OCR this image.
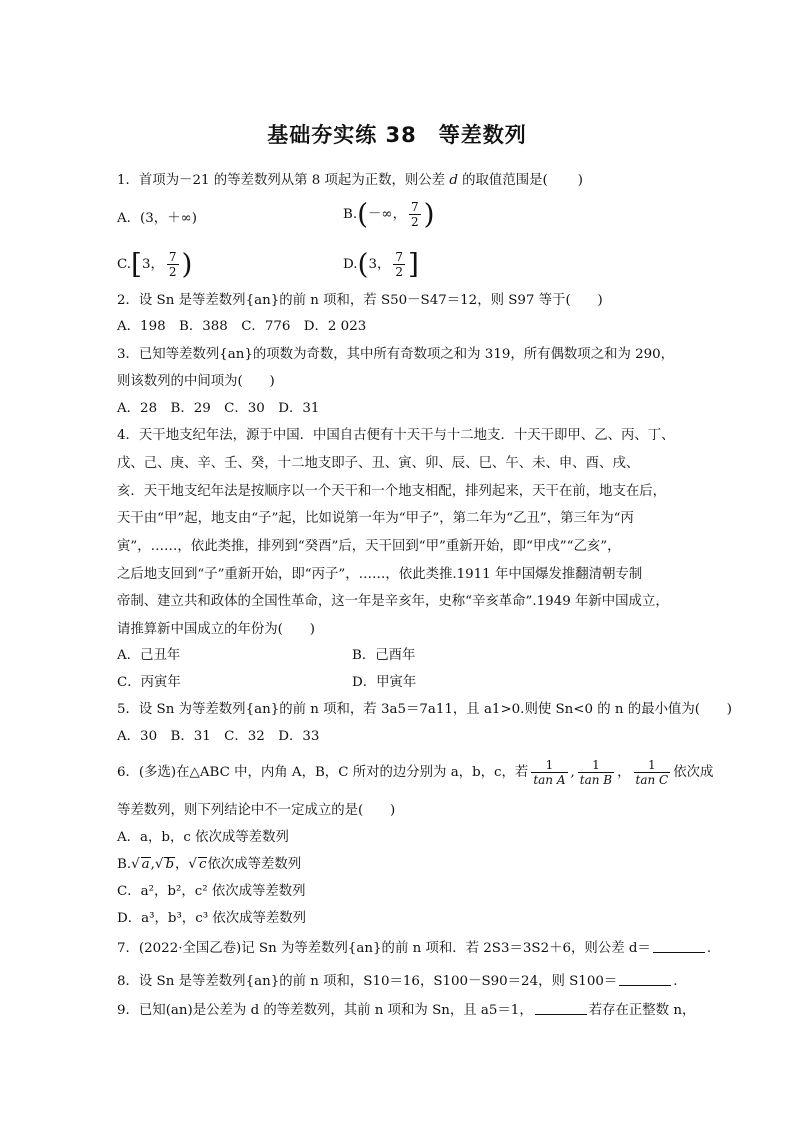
基础夯实练 38　等差数列
1．首项为－21 的等差数列从第 8 项起为正数，则公差 d 的取值范围是( )
A．(3，＋∞)	B.(－∞， $\frac{7}{2}$ )
C.[3， $\frac{7}{2}$ )	D.(3， $\frac{7}{2}$ ]
2．设 Sn 是等差数列{an}的前 n 项和，若 S50－S47＝12，则 S97 等于(　　)
A．198　B．388　C．776　D．2 023
3．已知等差数列{an}的项数为奇数，其中所有奇数项之和为 319，所有偶数项之和为 290，
则该数列的中间项为(　　)
A．28　B．29　C．30　D．31
4．天干地支纪年法，源于中国．中国自古便有十天干与十二地支．十天干即甲、乙、丙、丁、
戊、己、庚、辛、壬、癸，十二地支即子、丑、寅、卯、辰、巳、午、未、申、酉、戌、
亥．天干地支纪年法是按顺序以一个天干和一个地支相配，排列起来，天干在前，地支在后，
天干由“甲”起，地支由“子”起，比如说第一年为“甲子”，第二年为“乙丑”，第三年为“丙
寅”，……，依此类推，排列到“癸酉”后，天干回到“甲”重新开始，即“甲戌”“乙亥”，
之后地支回到“子”重新开始，即“丙子”，……，依此类推.1911 年中国爆发推翻清朝专制
帝制、建立共和政体的全国性革命，这一年是辛亥年，史称“辛亥革命”.1949 年新中国成立，
请推算新中国成立的年份为(　　)
A．己丑年	B．己酉年
C．丙寅年	D．甲寅年
5．设 Sn 为等差数列{an}的前 n 项和，若 3a5＝7a11，且 a1>0.则使 Sn<0 的 n 的最小值为(　　)
A．30　B．31　C．32　D．33
6．(多选)在△ABC 中，内角 A，B，C 所对的边分别为 a，b，c，若 $\frac{1}{\text{tan A}}$ , $\frac{1}{\text{tan B}}$ ， $\frac{1}{\text{tan C}}$ 依次成
等差数列，则下列结论中不一定成立的是(　　)
A．a，b，c 依次成等差数列
B.√ a,√ b，√ c依次成等差数列
C．a²，b²，c² 依次成等差数列
D．a³，b³，c³ 依次成等差数列
7．(2022·全国乙卷)记 Sn 为等差数列{an}的前 n 项和．若 2S3＝3S2＋6，则公差 d＝	.
8．设 Sn 是等差数列{an}的前 n 项和，S10＝16，S100－S90＝24，则 S100＝	.
9．已知(an)是公差为 d 的等差数列，其前 n 项和为 Sn，且 a5＝1，	若存在正整数 n，
